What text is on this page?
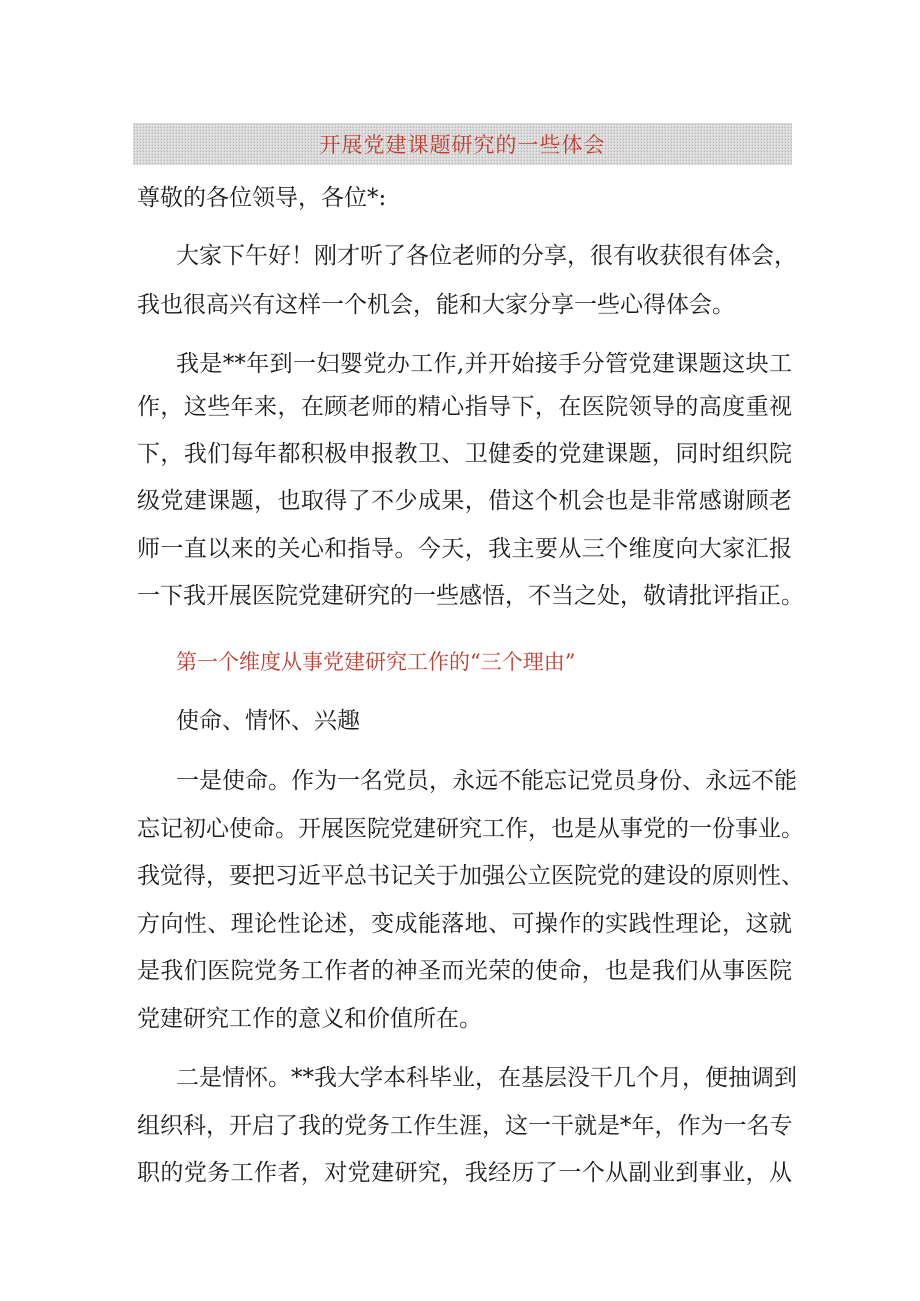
开展党建课题研究的一些体会
尊敬的各位领导，各位*:
大家下午好！刚才听了各位老师的分享，很有收获很有体会，
我也很高兴有这样一个机会，能和大家分享一些心得体会。
我是**年到一妇婴党办工作,并开始接手分管党建课题这块工
作，这些年来，在顾老师的精心指导下，在医院领导的高度重视
下，我们每年都积极申报教卫、卫健委的党建课题，同时组织院
级党建课题，也取得了不少成果，借这个机会也是非常感谢顾老
师一直以来的关心和指导。今天，我主要从三个维度向大家汇报
一下我开展医院党建研究的一些感悟，不当之处，敬请批评指正。
第一个维度从事党建研究工作的“三个理由”
使命、情怀、兴趣
一是使命。作为一名党员，永远不能忘记党员身份、永远不能
忘记初心使命。开展医院党建研究工作，也是从事党的一份事业。
我觉得，要把习近平总书记关于加强公立医院党的建设的原则性、
方向性、理论性论述，变成能落地、可操作的实践性理论，这就
是我们医院党务工作者的神圣而光荣的使命，也是我们从事医院
党建研究工作的意义和价值所在。
二是情怀。**我大学本科毕业，在基层没干几个月，便抽调到
组织科，开启了我的党务工作生涯，这一干就是*年，作为一名专
职的党务工作者，对党建研究，我经历了一个从副业到事业，从
